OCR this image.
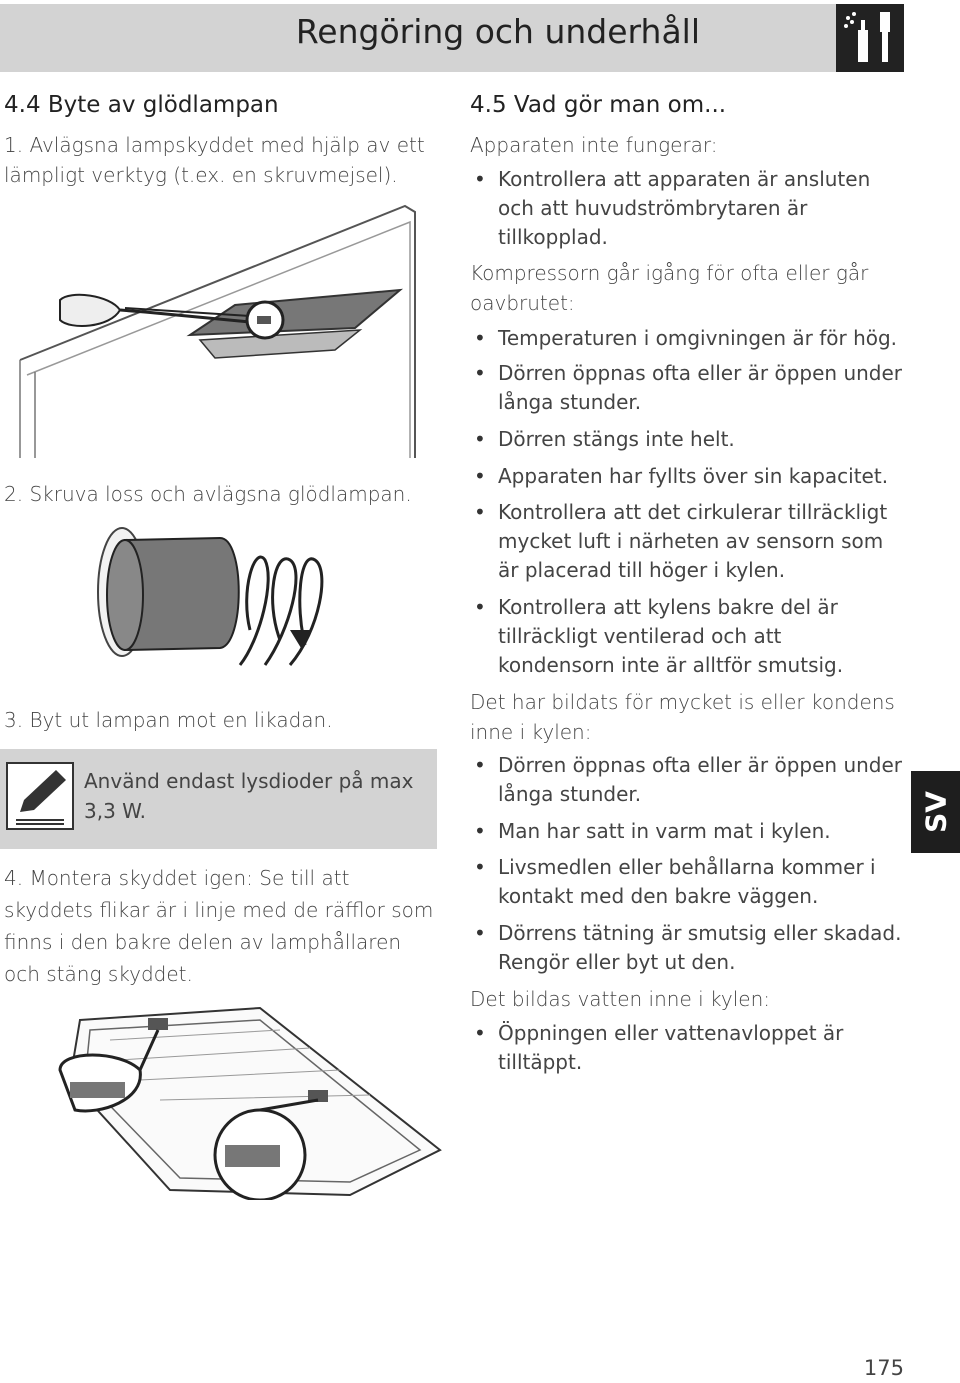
Rengöring och underhåll
4.4 Byte av glödlampan
1. Avlägsna lampskyddet med hjälp av ett lämpligt verktyg (t.ex. en skruvmejsel).
2. Skruva loss och avlägsna glödlampan.
3. Byt ut lampan mot en likadan.
Använd endast lysdioder på max 3,3 W.
4. Montera skyddet igen: Se till att skyddets flikar är i linje med de räfflor som finns i den bakre delen av lamphållaren och stäng skyddet.
4.5 Vad gör man om...
Apparaten inte fungerar:
• Kontrollera att apparaten är ansluten och att huvudströmbrytaren är tillkopplad.
Kompressorn går igång för ofta eller går oavbrutet:
• Temperaturen i omgivningen är för hög.
• Dörren öppnas ofta eller är öppen under långa stunder.
• Dörren stängs inte helt.
• Apparaten har fyllts över sin kapacitet.
• Kontrollera att det cirkulerar tillräckligt mycket luft i närheten av sensorn som är placerad till höger i kylen.
• Kontrollera att kylens bakre del är tillräckligt ventilerad och att kondensorn inte är alltför smutsig.
Det har bildats för mycket is eller kondens inne i kylen:
• Dörren öppnas ofta eller är öppen under långa stunder.
• Man har satt in varm mat i kylen.
• Livsmedlen eller behållarna kommer i kontakt med den bakre väggen.
• Dörrens tätning är smutsig eller skadad. Rengör eller byt ut den.
Det bildas vatten inne i kylen:
• Öppningen eller vattenavloppet är tilltäppt.
SV
175
